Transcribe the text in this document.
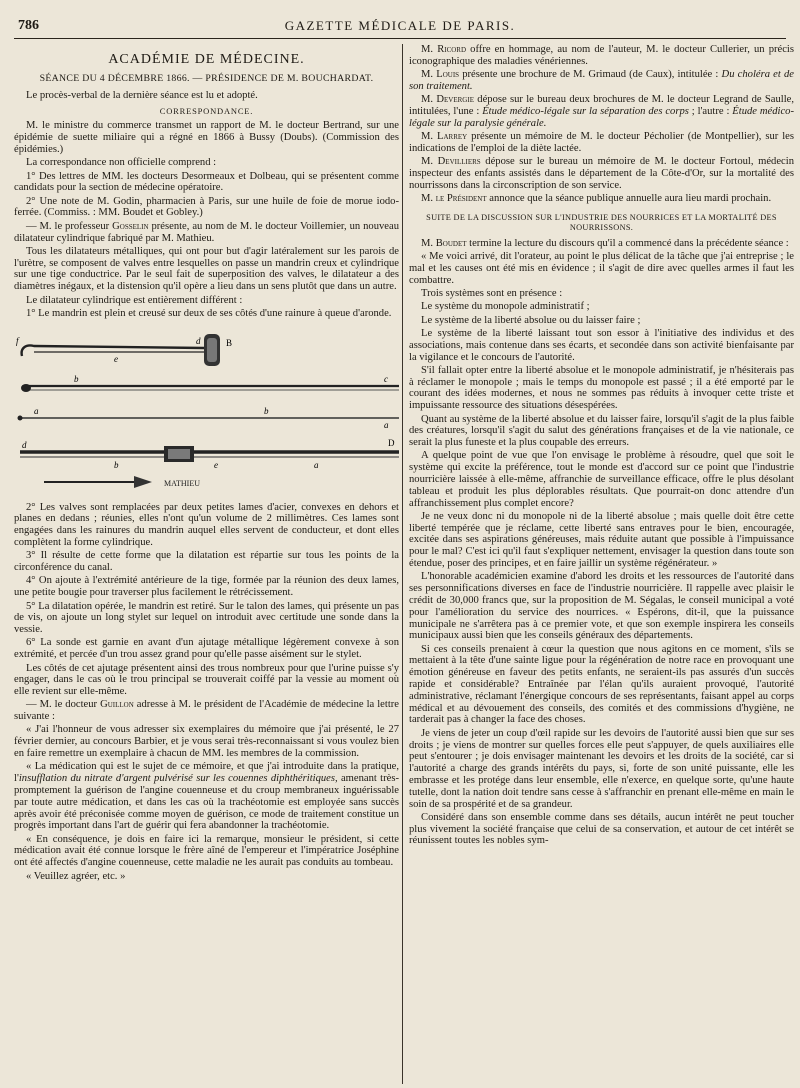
786	GAZETTE MÉDICALE DE PARIS.
ACADÉMIE DE MÉDECINE.
SÉANCE DU 4 DÉCEMBRE 1866. — PRÉSIDENCE DE M. BOUCHARDAT.

Le procès-verbal de la dernière séance est lu et adopté.

CORRESPONDANCE.

M. le ministre du commerce transmet un rapport de M. le docteur Bertrand, sur une épidémie de suette miliaire qui a régné en 1866 à Bussy (Doubs). (Commission des épidémies.)

La correspondance non officielle comprend :

1° Des lettres de MM. les docteurs Desormeaux et Dolbeau, qui se présentent comme candidats pour la section de médecine opératoire.

2° Une note de M. Godin, pharmacien à Paris, sur une huile de foie de morue iodo-ferrée. (Commiss. : MM. Boudet et Gobley.)

— M. le professeur Gosselin présente, au nom de M. le docteur Voillemier, un nouveau dilatateur cylindrique fabriqué par M. Mathieu.

Tous les dilatateurs métalliques, qui ont pour but d'agir latéralement sur les parois de l'urètre, se composent de valves entre lesquelles on passe un mandrin creux et cylindrique sur une tige conductrice. Par le seul fait de superposition des valves, le dilatateur a des diamètres inégaux, et la distension qu'il opère a lieu dans un sens plutôt que dans un autre.

Le dilatateur cylindrique est entièrement différent :

1° Le mandrin est plein et creusé sur deux de ses côtés d'une rainure à queue d'aronde.

MATHIEU
f	d	B
e
b	c
a	b
a
D
d
b	e	a

2° Les valves sont remplacées par deux petites lames d'acier, convexes en dehors et planes en dedans ; réunies, elles n'ont qu'un volume de 2 millimètres. Ces lames sont engagées dans les rainures du mandrin auquel elles servent de conducteur, et dont elles complètent la forme cylindrique.

3° Il résulte de cette forme que la dilatation est répartie sur tous les points de la circonférence du canal.

4° On ajoute à l'extrémité antérieure de la tige, formée par la réunion des deux lames, une petite bougie pour traverser plus facilement le rétrécissement.

5° La dilatation opérée, le mandrin est retiré. Sur le talon des lames, qui présente un pas de vis, on ajoute un long stylet sur lequel on introduit avec certitude une sonde dans la vessie.

6° La sonde est garnie en avant d'un ajutage métallique légèrement convexe à son extrémité, et percée d'un trou assez grand pour qu'elle passe aisément sur le stylet.

Les côtés de cet ajutage présentent ainsi des trous nombreux pour que l'urine puisse s'y engager, dans le cas où le trou principal se trouverait coiffé par la vessie au moment où elle revient sur elle-même.

— M. le docteur Guillon adresse à M. le président de l'Académie de médecine la lettre suivante :

« J'ai l'honneur de vous adresser six exemplaires du mémoire que j'ai présenté, le 27 février dernier, au concours Barbier, et je vous serai très-reconnaissant si vous voulez bien en faire remettre un exemplaire à chacun de MM. les membres de la commission.

« La médication qui est le sujet de ce mémoire, et que j'ai introduite dans la pratique, l'insufflation du nitrate d'argent pulvérisé sur les couennes diphthéritiques, amenant très-promptement la guérison de l'angine couenneuse et du croup membraneux inguérissable par toute autre médication, et dans les cas où la trachéotomie est employée sans succès après avoir été préconisée comme moyen de guérison, ce mode de traitement constitue un progrès important dans l'art de guérir qui fera abandonner la trachéotomie.

« En conséquence, je dois en faire ici la remarque, monsieur le président, si cette médication avait été connue lorsque le frère aîné de l'empereur et l'impératrice Joséphine ont été affectés d'angine couenneuse, cette maladie ne les aurait pas conduits au tombeau.

« Veuillez agréer, etc. »

M. Ricord offre en hommage, au nom de l'auteur, M. le docteur Cullerier, un précis iconographique des maladies vénériennes.

M. Louis présente une brochure de M. Grimaud (de Caux), intitulée : Du choléra et de son traitement.

M. Devergie dépose sur le bureau deux brochures de M. le docteur Legrand de Saulle, intitulées, l'une : Étude médico-légale sur la séparation des corps ; l'autre : Étude médico-légale sur la paralysie générale.

M. Larrey présente un mémoire de M. le docteur Pécholier (de Montpellier), sur les indications de l'emploi de la diète lactée.

M. Devilliers dépose sur le bureau un mémoire de M. le docteur Fortoul, médecin inspecteur des enfants assistés dans le département de la Côte-d'Or, sur la mortalité des nourrissons dans la circonscription de son service.

M. le Président annonce que la séance publique annuelle aura lieu mardi prochain.

SUITE DE LA DISCUSSION SUR L'INDUSTRIE DES NOURRICES ET LA MORTALITÉ DES NOURRISSONS.

M. Boudet termine la lecture du discours qu'il a commencé dans la précédente séance :

« Me voici arrivé, dit l'orateur, au point le plus délicat de la tâche que j'ai entreprise ; le mal et les causes ont été mis en évidence ; il s'agit de dire avec quelles armes il faut les combattre.

Trois systèmes sont en présence :

Le système du monopole administratif ;

Le système de la liberté absolue ou du laisser faire ;

Le système de la liberté laissant tout son essor à l'initiative des individus et des associations, mais contenue dans ses écarts, et secondée dans son activité bienfaisante par la vigilance et le concours de l'autorité.

S'il fallait opter entre la liberté absolue et le monopole administratif, je n'hésiterais pas à réclamer le monopole ; mais le temps du monopole est passé ; il a été emporté par le courant des idées modernes, et nous ne sommes pas réduits à invoquer cette triste et impuissante ressource des situations désespérées.

Quant au système de la liberté absolue et du laisser faire, lorsqu'il s'agit de la plus faible des créatures, lorsqu'il s'agit du salut des générations françaises et de la vie nationale, ce serait la plus funeste et la plus coupable des erreurs.

A quelque point de vue que l'on envisage le problème à résoudre, quel que soit le système qui excite la préférence, tout le monde est d'accord sur ce point que l'industrie nourricière laissée à elle-même, affranchie de surveillance efficace, offre le plus désolant tableau et produit les plus déplorables résultats. Que pourrait-on donc attendre d'un affranchissement plus complet encore?

Je ne veux donc ni du monopole ni de la liberté absolue ; mais quelle doit être cette liberté tempérée que je réclame, cette liberté sans entraves pour le bien, encouragée, excitée dans ses aspirations généreuses, mais réduite autant que possible à l'impuissance pour le mal? C'est ici qu'il faut s'expliquer nettement, envisager la question dans toute son étendue, poser des principes, et en faire jaillir un système régénérateur. »

L'honorable académicien examine d'abord les droits et les ressources de l'autorité dans ses personnifications diverses en face de l'industrie nourricière. Il rappelle avec plaisir le crédit de 30,000 francs que, sur la proposition de M. Ségalas, le conseil municipal a voté pour l'amélioration du service des nourrices. « Espérons, dit-il, que la puissance municipale ne s'arrêtera pas à ce premier vote, et que son exemple inspirera les conseils municipaux aussi bien que les conseils généraux des départements.

Si ces conseils prenaient à cœur la question que nous agitons en ce moment, s'ils se mettaient à la tête d'une sainte ligue pour la régénération de notre race en provoquant une émotion généreuse en faveur des petits enfants, ne seraient-ils pas assurés d'un succès rapide et considérable? Entraînée par l'élan qu'ils auraient provoqué, l'autorité administrative, réclamant l'énergique concours de ses représentants, faisant appel au corps médical et au dévouement des conseils, des comités et des commissions d'hygiène, ne tarderait pas à changer la face des choses.

Je viens de jeter un coup d'œil rapide sur les devoirs de l'autorité aussi bien que sur ses droits ; je viens de montrer sur quelles forces elle peut s'appuyer, de quels auxiliaires elle peut s'entourer ; je dois envisager maintenant les devoirs et les droits de la société, car si l'autorité a charge des grands intérêts du pays, si, forte de son unité puissante, elle les embrasse et les protége dans leur ensemble, elle n'exerce, en quelque sorte, qu'une haute tutelle, dont la nation doit tendre sans cesse à s'affranchir en prenant elle-même en main le soin de sa prospérité et de sa grandeur.

Considéré dans son ensemble comme dans ses détails, aucun intérêt ne peut toucher plus vivement la société française que celui de sa conservation, et autour de cet intérêt se réunissent toutes les nobles sym-
